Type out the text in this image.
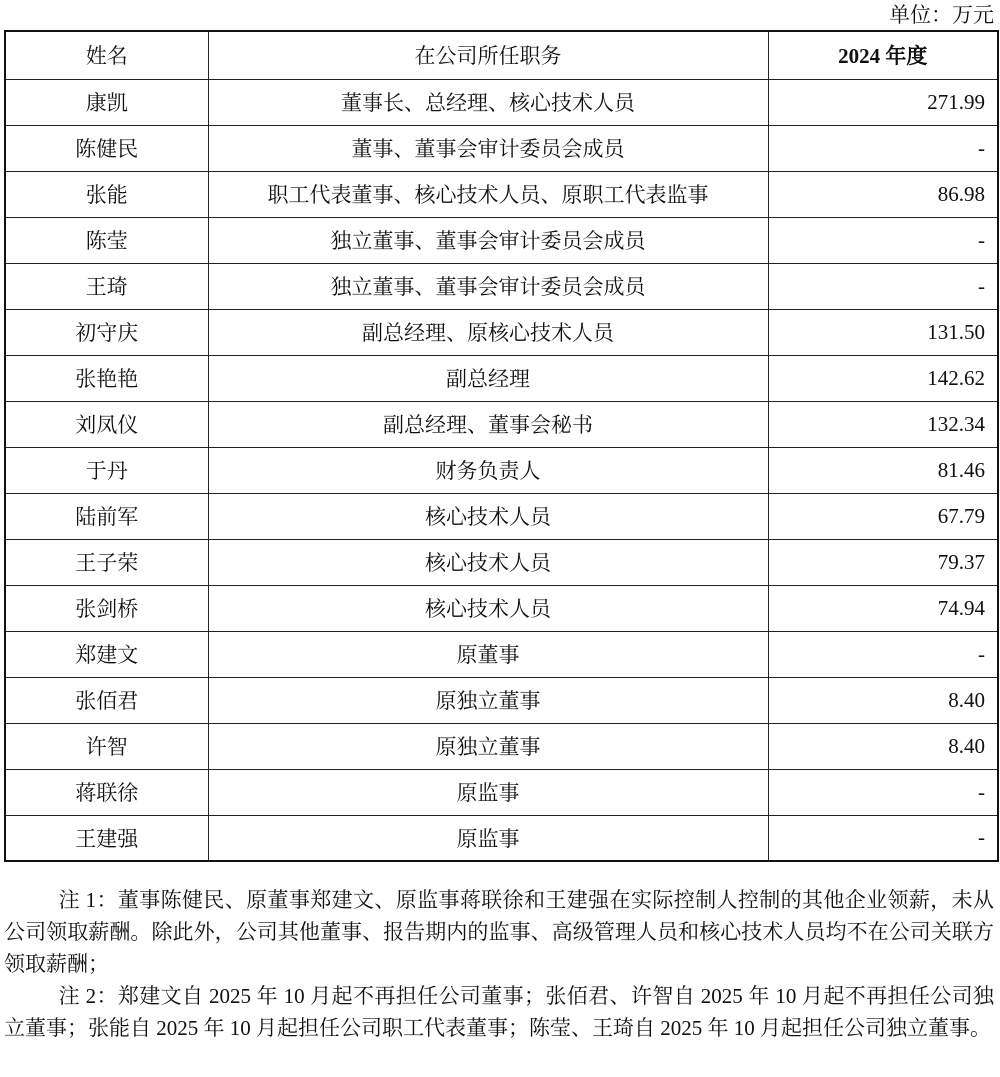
单位：万元
姓名	在公司所任职务	2024 年度
康凯	董事长、总经理、核心技术人员	271.99
陈健民	董事、董事会审计委员会成员	-
张能	职工代表董事、核心技术人员、原职工代表监事	86.98
陈莹	独立董事、董事会审计委员会成员	-
王琦	独立董事、董事会审计委员会成员	-
初守庆	副总经理、原核心技术人员	131.50
张艳艳	副总经理	142.62
刘凤仪	副总经理、董事会秘书	132.34
于丹	财务负责人	81.46
陆前军	核心技术人员	67.79
王子荣	核心技术人员	79.37
张剑桥	核心技术人员	74.94
郑建文	原董事	-
张佰君	原独立董事	8.40
许智	原独立董事	8.40
蒋联徐	原监事	-
王建强	原监事	-

注 1：董事陈健民、原董事郑建文、原监事蒋联徐和王建强在实际控制人控制的其他企业领薪，未从公司领取薪酬。除此外，公司其他董事、报告期内的监事、高级管理人员和核心技术人员均不在公司关联方领取薪酬；

注 2：郑建文自 2025 年 10 月起不再担任公司董事；张佰君、许智自 2025 年 10 月起不再担任公司独立董事；张能自 2025 年 10 月起担任公司职工代表董事；陈莹、王琦自 2025 年 10 月起担任公司独立董事。
